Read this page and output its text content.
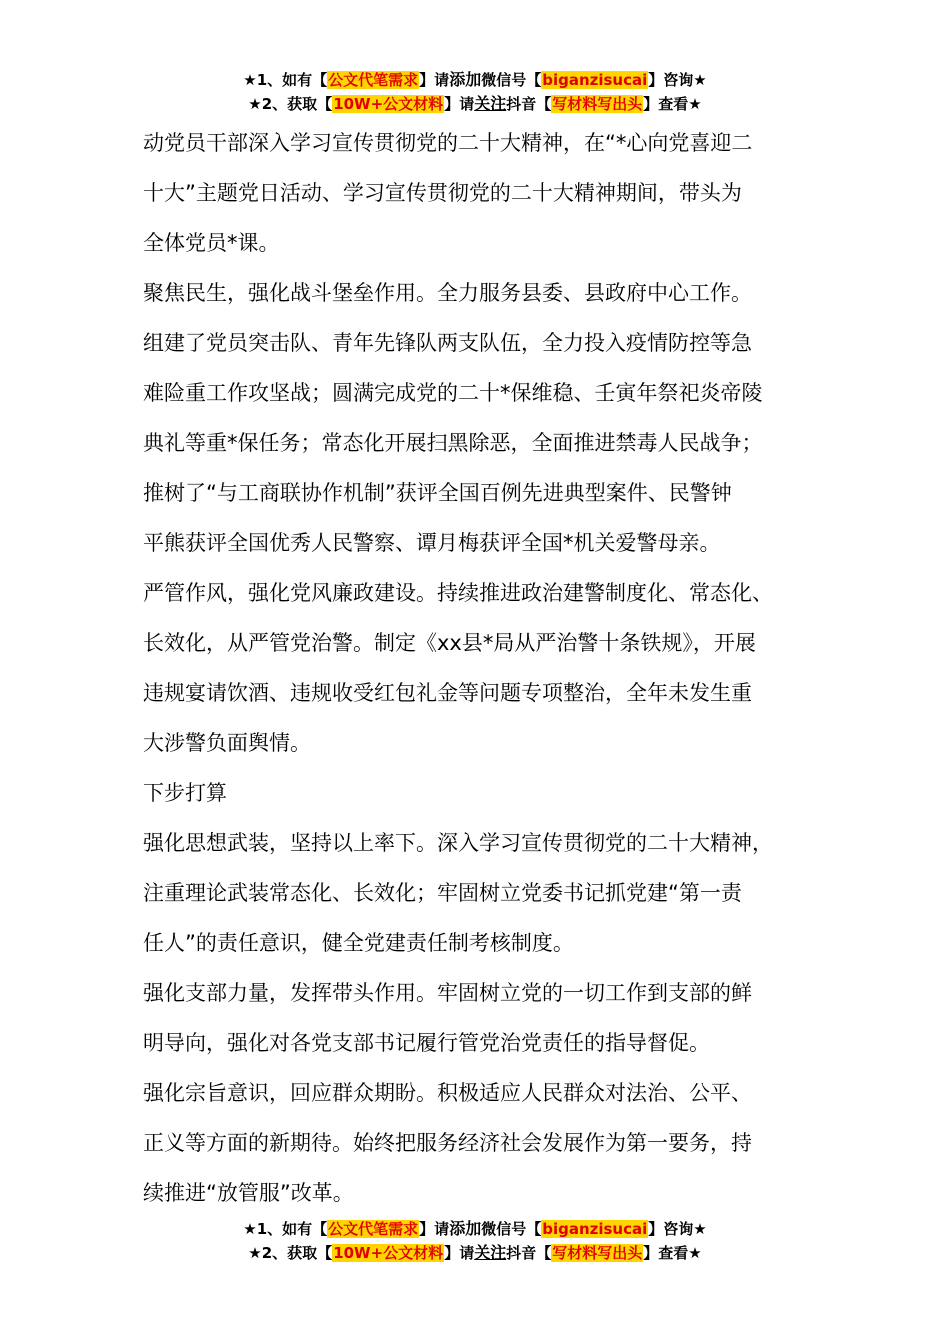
★1、如有【公文代笔需求】请添加微信号【biganzisucai】咨询★
★2、获取【10W+公文材料】请关注抖音【写材料写出头】查看★

动党员干部深入学习宣传贯彻党的二十大精神，在“*心向党喜迎二

十大”主题党日活动、学习宣传贯彻党的二十大精神期间，带头为

全体党员*课。

聚焦民生，强化战斗堡垒作用。全力服务县委、县政府中心工作。

组建了党员突击队、青年先锋队两支队伍，全力投入疫情防控等急

难险重工作攻坚战；圆满完成党的二十*保维稳、壬寅年祭祀炎帝陵

典礼等重*保任务；常态化开展扫黑除恶，全面推进禁毒人民战争；

推树了“与工商联协作机制”获评全国百例先进典型案件、民警钟

平熊获评全国优秀人民警察、谭月梅获评全国*机关爱警母亲。

严管作风，强化党风廉政建设。持续推进政治建警制度化、常态化、

长效化，从严管党治警。制定《xx县*局从严治警十条铁规》，开展

违规宴请饮酒、违规收受红包礼金等问题专项整治，全年未发生重

大涉警负面舆情。

下步打算

强化思想武装，坚持以上率下。深入学习宣传贯彻党的二十大精神，

注重理论武装常态化、长效化；牢固树立党委书记抓党建“第一责

任人”的责任意识，健全党建责任制考核制度。

强化支部力量，发挥带头作用。牢固树立党的一切工作到支部的鲜

明导向，强化对各党支部书记履行管党治党责任的指导督促。

强化宗旨意识，回应群众期盼。积极适应人民群众对法治、公平、

正义等方面的新期待。始终把服务经济社会发展作为第一要务，持

续推进“放管服”改革。

★1、如有【公文代笔需求】请添加微信号【biganzisucai】咨询★
★2、获取【10W+公文材料】请关注抖音【写材料写出头】查看★
